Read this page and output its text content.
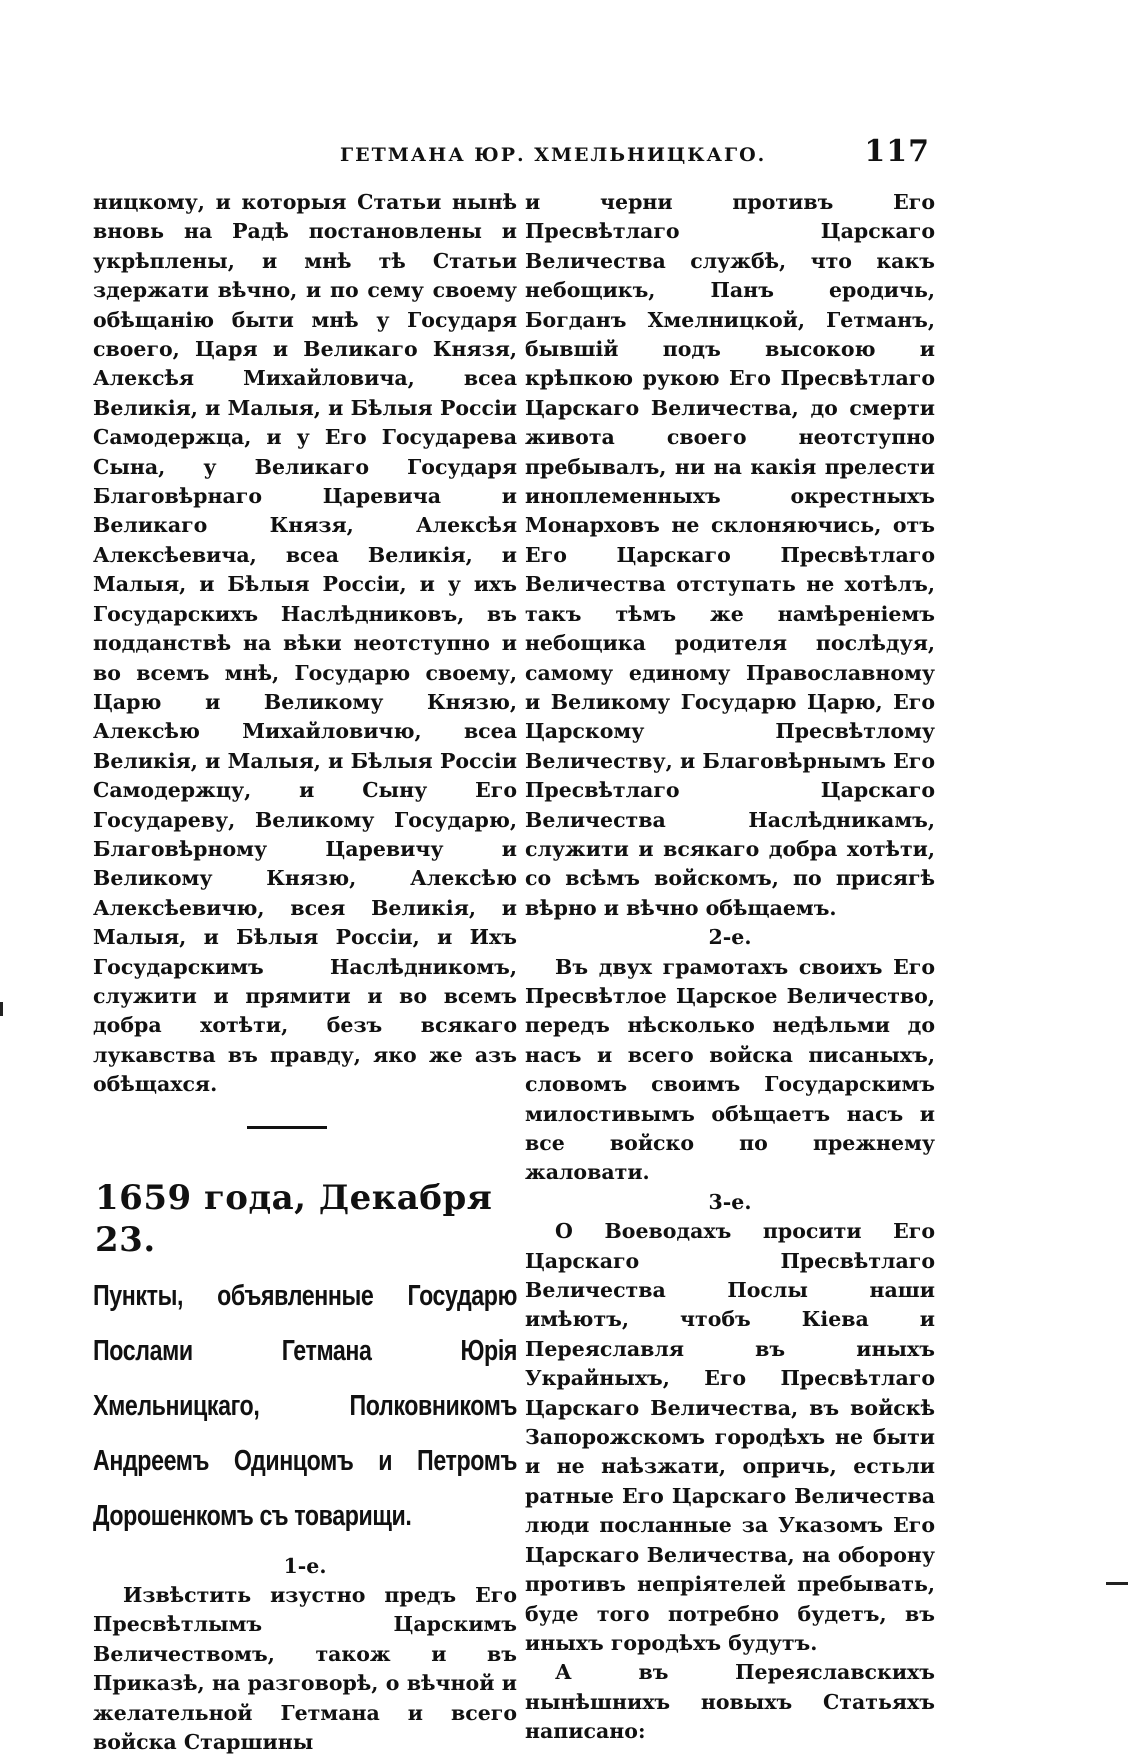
ГЕТМАНА ЮР. ХМЕЛЬНИЦКАГО.	117

ницкому, и которыя Статьи нынѣ вновь на Радѣ постановлены и укрѣплены, и мнѣ тѣ Статьи здержати вѣчно, и по сему своему обѣщанію быти мнѣ у Государя своего, Царя и Великаго Князя, Алексѣя Михайловича, всеа Великія, и Малыя, и Бѣлыя Россіи Самодержца, и у Его Государева Сына, у Великаго Государя Благовѣрнаго Царевича и Великаго Князя, Алексѣя Алексѣевича, всеа Великія, и Малыя, и Бѣлыя Россіи, и у ихъ Государскихъ Наслѣдниковъ, въ подданствѣ на вѣки неотступно и во всемъ мнѣ, Государю своему, Царю и Великому Князю, Алексѣю Михайловичю, всеа Великія, и Малыя, и Бѣлыя Россіи Самодержцу, и Сыну Его Государеву, Великому Государю, Благовѣрному Царевичу и Великому Князю, Алексѣю Алексѣевичю, всея Великія, и Малыя, и Бѣлыя Россіи, и Ихъ Государскимъ Наслѣдникомъ, служити и прямити и во всемъ добра хотѣти, безъ всякаго лукавства въ правду, яко же азъ обѣщахся.

1659 года, Декабря 23.

Пункты, объявленные Государю Послами Гетмана Юрія Хмельницкаго, Полковникомъ Андреемъ Одинцомъ и Петромъ Дорошенкомъ съ товарищи.

1-е.

Извѣстить изустно предъ Его Пресвѣтлымъ Царскимъ Величествомъ, також и въ Приказѣ, на разговорѣ, о вѣчной и желательной Гетмана и всего войска Старшины

и черни противъ Его Пресвѣтлаго Царскаго Величества службѣ, что какъ небощикъ, Панъ еродичь, Богданъ Хмелницкой, Гетманъ, бывшій подъ высокою и крѣпкою рукою Его Пресвѣтлаго Царскаго Величества, до смерти живота своего неотступно пребывалъ, ни на какія прелести иноплеменныхъ окрестныхъ Монарховъ не склоняючись, отъ Его Царскаго Пресвѣтлаго Величества отступать не хотѣлъ, такъ тѣмъ же намѣреніемъ небощика родителя послѣдуя, самому единому Православному и Великому Государю Царю, Его Царскому Пресвѣтлому Величеству, и Благовѣрнымъ Его Пресвѣтлаго Царскаго Величества Наслѣдникамъ, служити и всякаго добра хотѣти, со всѣмъ войскомъ, по присягѣ вѣрно и вѣчно обѣщаемъ.

2-е.

Въ двух грамотахъ своихъ Его Пресвѣтлое Царское Величество, передъ нѣсколько недѣльми до насъ и всего войска писаныхъ, словомъ своимъ Государскимъ милостивымъ обѣщаетъ насъ и все войско по прежнему жаловати.

3-е.

О Воеводахъ просити Его Царскаго Пресвѣтлаго Величества Послы наши имѣютъ, чтобъ Кіева и Переяславля въ иныхъ Украйныхъ, Его Пресвѣтлаго Царскаго Величества, въ войскѣ Запорожскомъ городѣхъ не быти и не наѣзжати, опричь, естьли ратные Его Царскаго Величества люди посланные за Указомъ Его Царскаго Величества, на оборону противъ непріятелей пребывать, буде того потребно будетъ, въ иныхъ городѣхъ будутъ.

А въ Переяславскихъ нынѣшнихъ новыхъ Статьяхъ написано:
